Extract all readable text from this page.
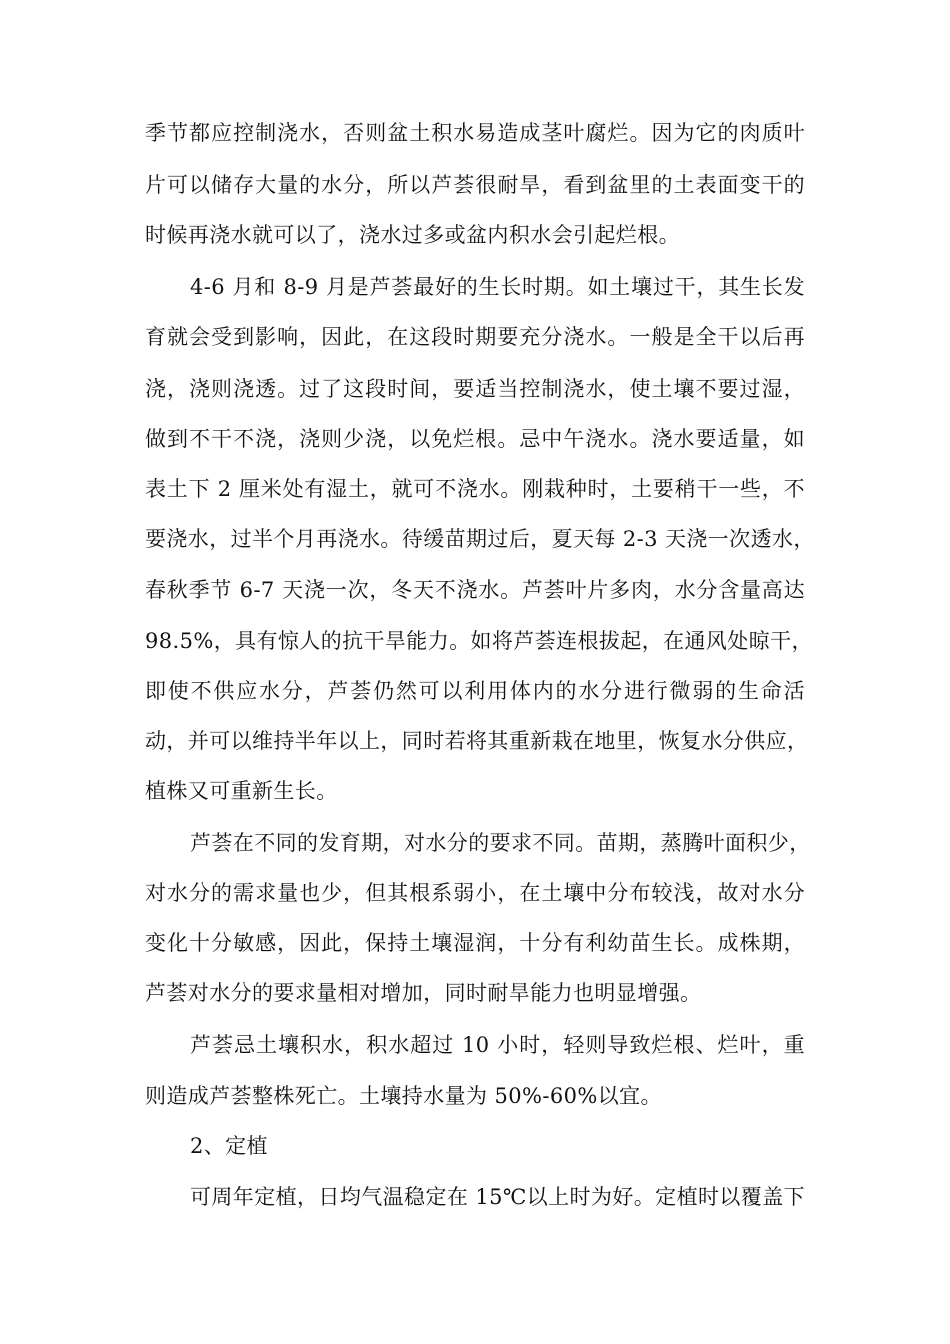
季节都应控制浇水，否则盆土积水易造成茎叶腐烂。因为它的肉质叶
片可以储存大量的水分，所以芦荟很耐旱，看到盆里的土表面变干的
时候再浇水就可以了，浇水过多或盆内积水会引起烂根。
4-6 月和 8-9 月是芦荟最好的生长时期。如土壤过干，其生长发
育就会受到影响，因此，在这段时期要充分浇水。一般是全干以后再
浇，浇则浇透。过了这段时间，要适当控制浇水，使土壤不要过湿，
做到不干不浇，浇则少浇，以免烂根。忌中午浇水。浇水要适量，如
表土下 2 厘米处有湿土，就可不浇水。刚栽种时，土要稍干一些，不
要浇水，过半个月再浇水。待缓苗期过后，夏天每 2-3 天浇一次透水，
春秋季节 6-7 天浇一次，冬天不浇水。芦荟叶片多肉，水分含量高达
98.5%，具有惊人的抗干旱能力。如将芦荟连根拔起，在通风处晾干，
即使不供应水分，芦荟仍然可以利用体内的水分进行微弱的生命活
动，并可以维持半年以上，同时若将其重新栽在地里，恢复水分供应，
植株又可重新生长。
芦荟在不同的发育期，对水分的要求不同。苗期，蒸腾叶面积少，
对水分的需求量也少，但其根系弱小，在土壤中分布较浅，故对水分
变化十分敏感，因此，保持土壤湿润，十分有利幼苗生长。成株期，
芦荟对水分的要求量相对增加，同时耐旱能力也明显增强。
芦荟忌土壤积水，积水超过 10 小时，轻则导致烂根、烂叶，重
则造成芦荟整株死亡。土壤持水量为 50%-60%以宜。
2、定植
可周年定植，日均气温稳定在 15℃以上时为好。定植时以覆盖下
